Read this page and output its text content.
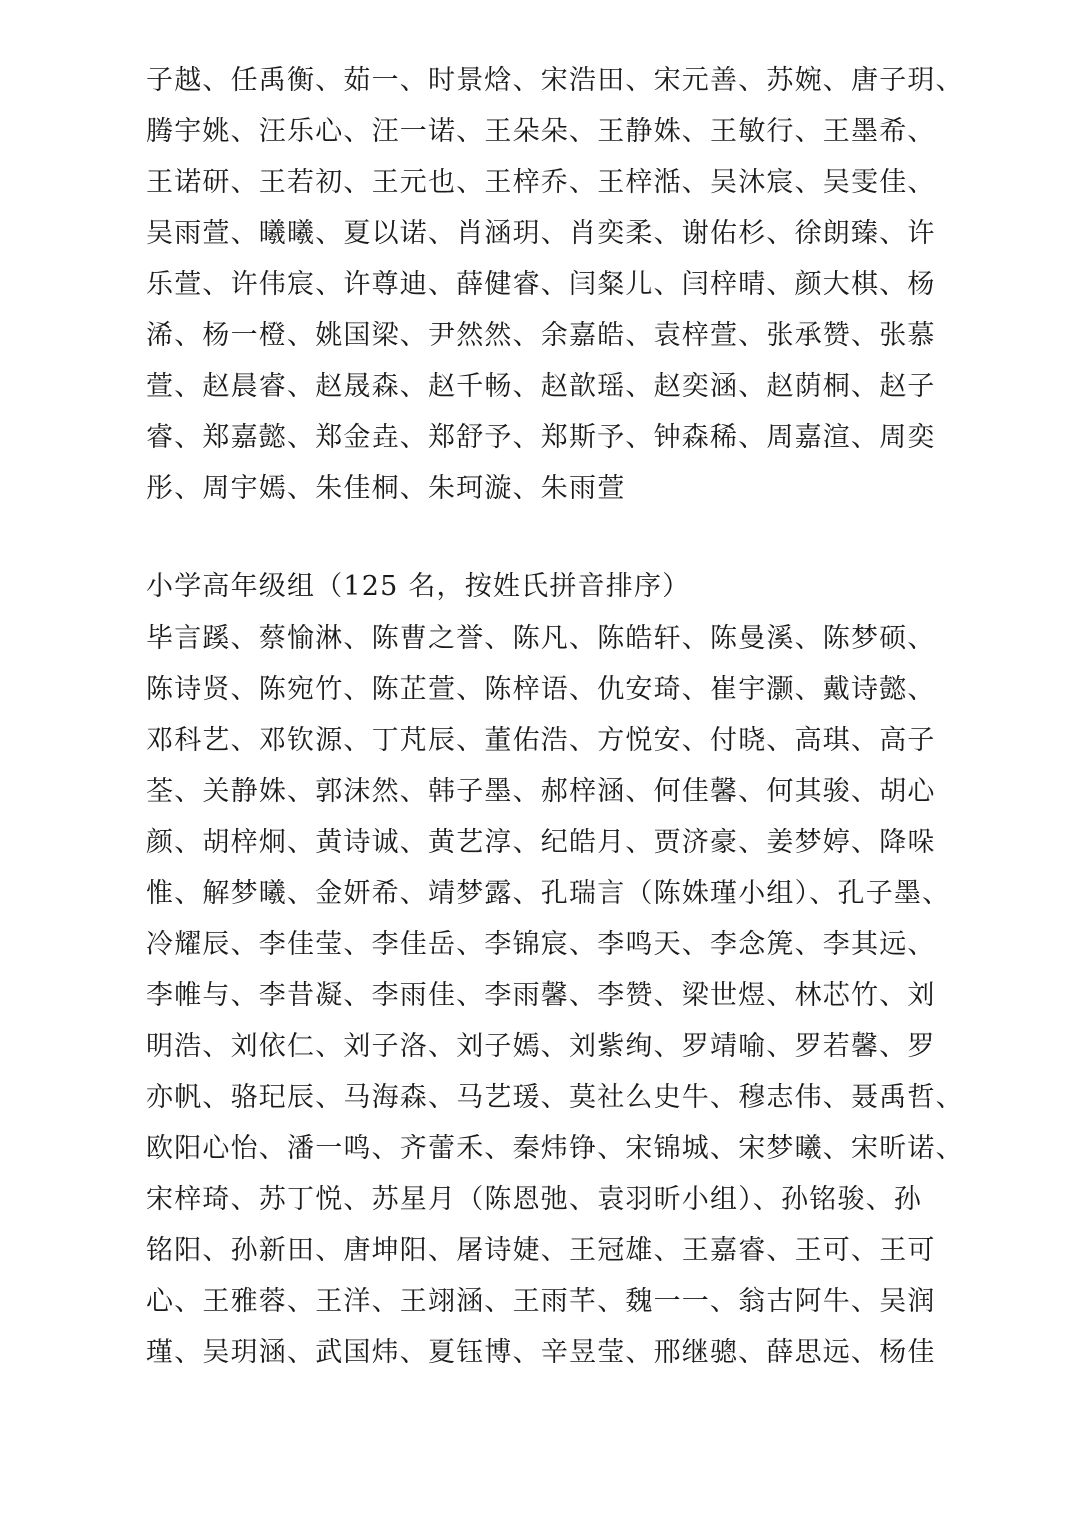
子越、任禹衡、茹一、时景焓、宋浩田、宋元善、苏婉、唐子玥、
腾宇姚、汪乐心、汪一诺、王朵朵、王静姝、王敏行、王墨希、
王诺研、王若初、王元也、王梓乔、王梓湉、吴沐宸、吴雯佳、
吴雨萱、曦曦、夏以诺、肖涵玥、肖奕柔、谢佑杉、徐朗臻、许
乐萱、许伟宸、许尊迪、薛健睿、闫粲儿、闫梓晴、颜大棋、杨
浠、杨一橙、姚国梁、尹然然、余嘉皓、袁梓萱、张承赞、张慕
萱、赵晨睿、赵晟森、赵千畅、赵歆瑶、赵奕涵、赵荫桐、赵子
睿、郑嘉懿、郑金垚、郑舒予、郑斯予、钟森稀、周嘉渲、周奕
彤、周宇嫣、朱佳桐、朱珂漩、朱雨萱
小学高年级组（125 名，按姓氏拼音排序）
毕言蹊、蔡愉淋、陈曹之誉、陈凡、陈皓轩、陈曼溪、陈梦硕、
陈诗贤、陈宛竹、陈芷萱、陈梓语、仇安琦、崔宇灏、戴诗懿、
邓科艺、邓钦源、丁芃辰、董佑浩、方悦安、付晓、高琪、高子
荃、关静姝、郭沫然、韩子墨、郝梓涵、何佳馨、何其骏、胡心
颜、胡梓炯、黄诗诚、黄艺淳、纪皓月、贾济豪、姜梦婷、降哚
惟、解梦曦、金妍希、靖梦露、孔瑞言（陈姝瑾小组）、孔子墨、
冷耀辰、李佳莹、李佳岳、李锦宸、李鸣天、李念箎、李其远、
李帷与、李昔凝、李雨佳、李雨馨、李赞、梁世煜、林芯竹、刘
明浩、刘依仁、刘子洛、刘子嫣、刘紫绚、罗靖喻、罗若馨、罗
亦帆、骆玘辰、马海森、马艺瑗、莫社么史牛、穆志伟、聂禹哲、
欧阳心怡、潘一鸣、齐蕾禾、秦炜铮、宋锦城、宋梦曦、宋昕诺、
宋梓琦、苏丁悦、苏星月（陈恩弛、袁羽昕小组）、孙铭骏、孙
铭阳、孙新田、唐坤阳、屠诗婕、王冠雄、王嘉睿、王可、王可
心、王雅蓉、王洋、王翊涵、王雨芊、魏一一、翁古阿牛、吴润
瑾、吴玥涵、武国炜、夏钰博、辛昱莹、邢继骢、薛思远、杨佳
